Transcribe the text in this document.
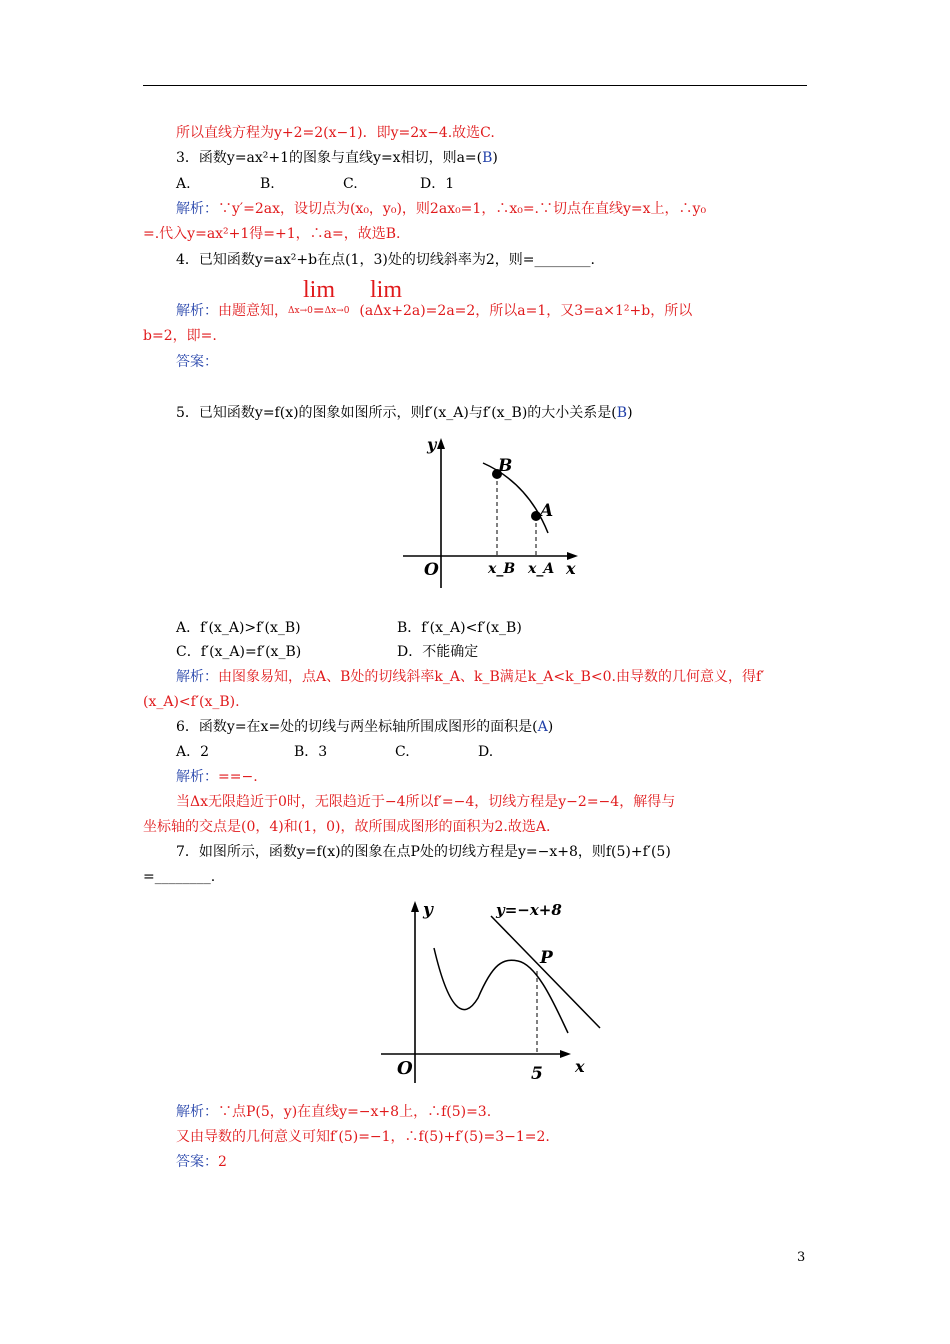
所以直线方程为y+2=2(x−1)．即y=2x−4.故选C.
3．函数y=ax²+1的图象与直线y=x相切，则a=(B)
A.	B.	C.	D．1
解析：∵y′=2ax，设切点为(x₀，y₀)，则2ax₀=1，∴x₀=.∵切点在直线y=x上，∴y₀
=.代入y=ax²+1得=+1，∴a=，故选B.
4．已知函数y=ax²+b在点(1，3)处的切线斜率为2，则=________.
lim lim
解析：由题意知，Δx→0=Δx→0 (aΔx+2a)=2a=2，所以a=1，又3=a×1²+b，所以
b=2，即=.
答案：
5．已知函数y=f(x)的图象如图所示，则f′(x_A)与f′(x_B)的大小关系是(B)
y
x
O
B
A
x_B x_A
A．f′(x_A)>f′(x_B)	B．f′(x_A)<f′(x_B)
C．f′(x_A)=f′(x_B)	D．不能确定
解析：由图象易知，点A、B处的切线斜率k_A、k_B满足k_A<k_B<0.由导数的几何意义，得f′
(x_A)<f′(x_B).
6．函数y=在x=处的切线与两坐标轴所围成图形的面积是(A)
A．2	B．3	C.	D.
解析：==−.
当Δx无限趋近于0时，无限趋近于−4所以f′=−4，切线方程是y−2=−4，解得与
坐标轴的交点是(0，4)和(1，0)，故所围成图形的面积为2.故选A.
7．如图所示，函数y=f(x)的图象在点P处的切线方程是y=−x+8，则f(5)+f′(5)
=________.
y
x
O	5
P
y=−x+8
解析：∵点P(5，y)在直线y=−x+8上，∴f(5)=3.
又由导数的几何意义可知f′(5)=−1，∴f(5)+f′(5)=3−1=2.
答案：2
3
